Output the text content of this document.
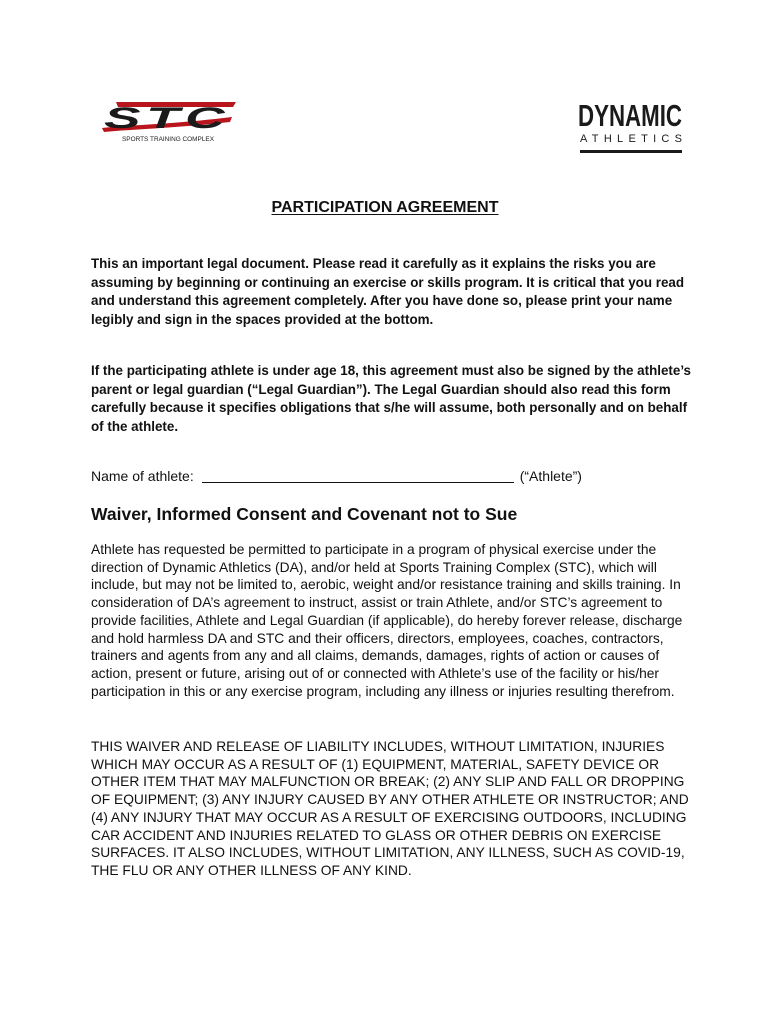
STC
SPORTS TRAINING COMPLEX
DYNAMIC
ATHLETICS
PARTICIPATION AGREEMENT

This an important legal document. Please read it carefully as it explains the risks you are assuming by beginning or continuing an exercise or skills program. It is critical that you read and understand this agreement completely. After you have done so, please print your name legibly and sign in the spaces provided at the bottom.

If the participating athlete is under age 18, this agreement must also be signed by the athlete’s parent or legal guardian (“Legal Guardian”). The Legal Guardian should also read this form carefully because it specifies obligations that s/he will assume, both personally and on behalf of the athlete.

Name of athlete:	(“Athlete”)
Waiver, Informed Consent and Covenant not to Sue

Athlete has requested be permitted to participate in a program of physical exercise under the direction of Dynamic Athletics (DA), and/or held at Sports Training Complex (STC), which will include, but may not be limited to, aerobic, weight and/or resistance training and skills training. In consideration of DA’s agreement to instruct, assist or train Athlete, and/or STC’s agreement to provide facilities, Athlete and Legal Guardian (if applicable), do hereby forever release, discharge and hold harmless DA and STC and their officers, directors, employees, coaches, contractors, trainers and agents from any and all claims, demands, damages, rights of action or causes of action, present or future, arising out of or connected with Athlete’s use of the facility or his/her participation in this or any exercise program, including any illness or injuries resulting therefrom.

THIS WAIVER AND RELEASE OF LIABILITY INCLUDES, WITHOUT LIMITATION, INJURIES WHICH MAY OCCUR AS A RESULT OF (1) EQUIPMENT, MATERIAL, SAFETY DEVICE OR OTHER ITEM THAT MAY MALFUNCTION OR BREAK; (2) ANY SLIP AND FALL OR DROPPING OF EQUIPMENT; (3) ANY INJURY CAUSED BY ANY OTHER ATHLETE OR INSTRUCTOR; AND (4) ANY INJURY THAT MAY OCCUR AS A RESULT OF EXERCISING OUTDOORS, INCLUDING CAR ACCIDENT AND INJURIES RELATED TO GLASS OR OTHER DEBRIS ON EXERCISE SURFACES. IT ALSO INCLUDES, WITHOUT LIMITATION, ANY ILLNESS, SUCH AS COVID-19, THE FLU OR ANY OTHER ILLNESS OF ANY KIND.
